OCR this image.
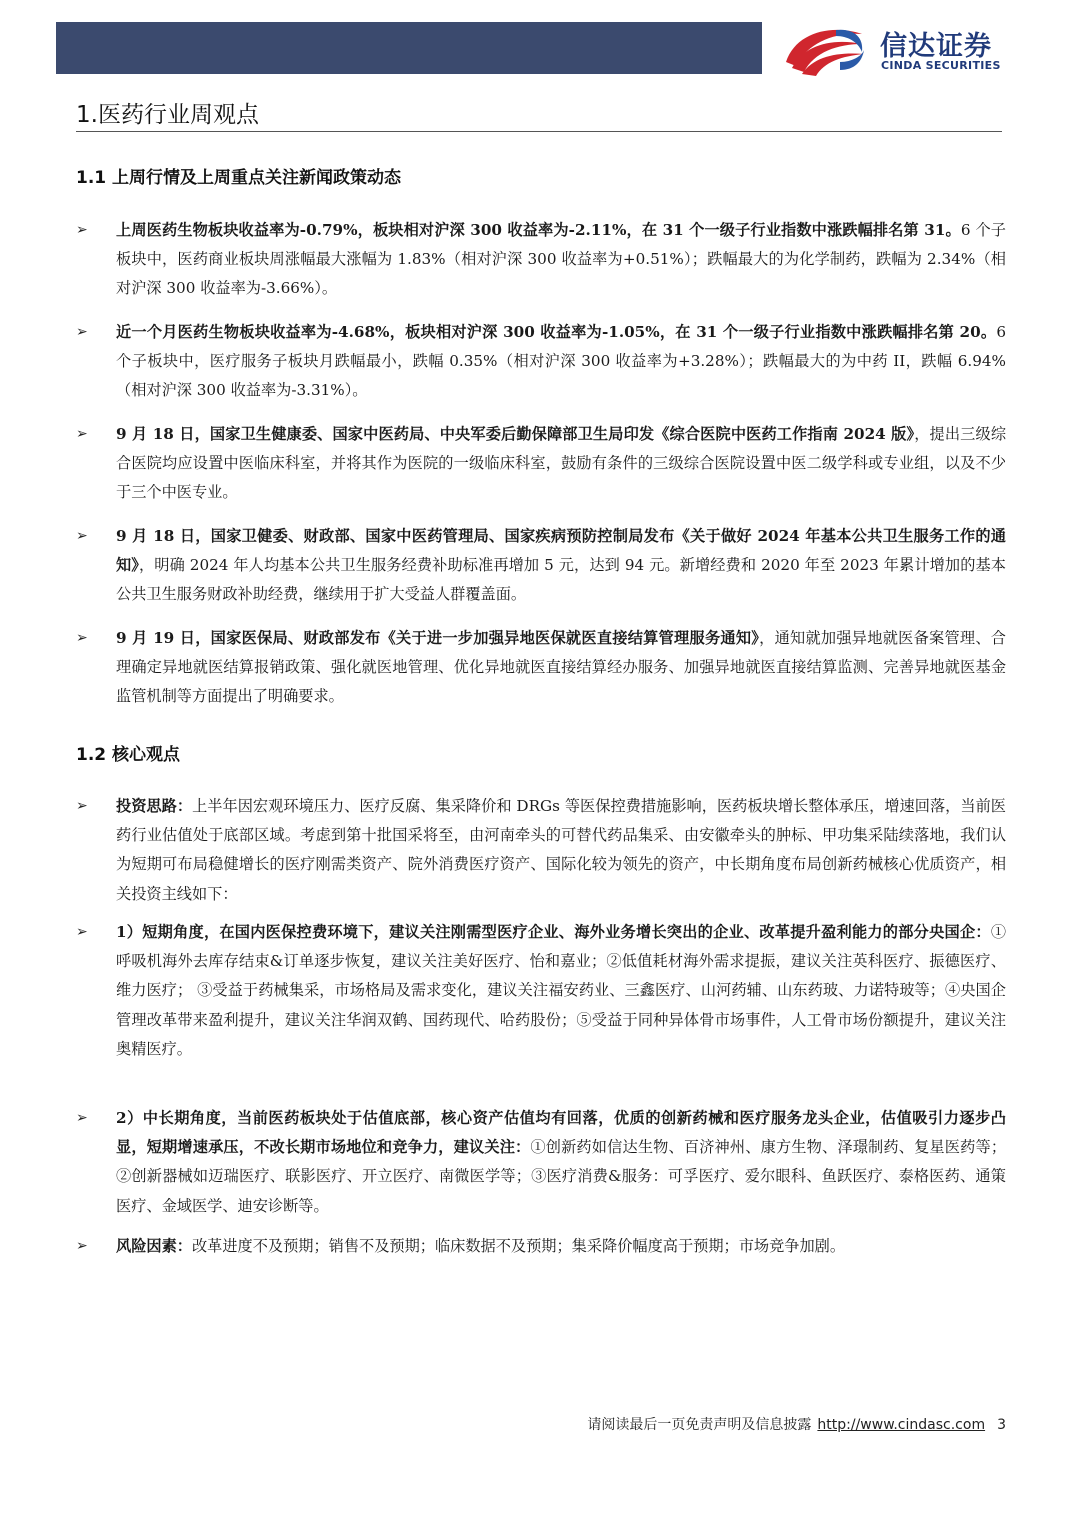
信达证券
CINDA SECURITIES
1.医药行业周观点
1.1 上周行情及上周重点关注新闻政策动态
➢ 上周医药生物板块收益率为-0.79%，板块相对沪深 300 收益率为-2.11%，在 31 个一级子行业指数中涨跌幅排名第 31。6 个子板块中，医药商业板块周涨幅最大涨幅为 1.83%（相对沪深 300 收益率为+0.51%）；跌幅最大的为化学制药，跌幅为 2.34%（相对沪深 300 收益率为-3.66%）。
➢ 近一个月医药生物板块收益率为-4.68%，板块相对沪深 300 收益率为-1.05%，在 31 个一级子行业指数中涨跌幅排名第 20。6 个子板块中，医疗服务子板块月跌幅最小，跌幅 0.35%（相对沪深 300 收益率为+3.28%）；跌幅最大的为中药 II，跌幅 6.94%（相对沪深 300 收益率为-3.31%）。
➢ 9 月 18 日，国家卫生健康委、国家中医药局、中央军委后勤保障部卫生局印发《综合医院中医药工作指南 2024 版》，提出三级综合医院均应设置中医临床科室，并将其作为医院的一级临床科室，鼓励有条件的三级综合医院设置中医二级学科或专业组，以及不少于三个中医专业。
➢ 9 月 18 日，国家卫健委、财政部、国家中医药管理局、国家疾病预防控制局发布《关于做好 2024 年基本公共卫生服务工作的通知》，明确 2024 年人均基本公共卫生服务经费补助标准再增加 5 元，达到 94 元。新增经费和 2020 年至 2023 年累计增加的基本公共卫生服务财政补助经费，继续用于扩大受益人群覆盖面。
➢ 9 月 19 日，国家医保局、财政部发布《关于进一步加强异地医保就医直接结算管理服务通知》，通知就加强异地就医备案管理、合理确定异地就医结算报销政策、强化就医地管理、优化异地就医直接结算经办服务、加强异地就医直接结算监测、完善异地就医基金监管机制等方面提出了明确要求。
1.2 核心观点
➢ 投资思路：上半年因宏观环境压力、医疗反腐、集采降价和 DRGs 等医保控费措施影响，医药板块增长整体承压，增速回落，当前医药行业估值处于底部区域。考虑到第十批国采将至，由河南牵头的可替代药品集采、由安徽牵头的肿标、甲功集采陆续落地，我们认为短期可布局稳健增长的医疗刚需类资产、院外消费医疗资产、国际化较为领先的资产，中长期角度布局创新药械核心优质资产，相关投资主线如下：
➢ 1）短期角度，在国内医保控费环境下，建议关注刚需型医疗企业、海外业务增长突出的企业、改革提升盈利能力的部分央国企：①呼吸机海外去库存结束&订单逐步恢复，建议关注美好医疗、怡和嘉业；②低值耗材海外需求提振，建议关注英科医疗、振德医疗、维力医疗； ③受益于药械集采，市场格局及需求变化，建议关注福安药业、三鑫医疗、山河药辅、山东药玻、力诺特玻等；④央国企管理改革带来盈利提升，建议关注华润双鹤、国药现代、哈药股份；⑤受益于同种异体骨市场事件，人工骨市场份额提升，建议关注奥精医疗。
➢ 2）中长期角度，当前医药板块处于估值底部，核心资产估值均有回落，优质的创新药械和医疗服务龙头企业，估值吸引力逐步凸显，短期增速承压，不改长期市场地位和竞争力，建议关注：①创新药如信达生物、百济神州、康方生物、泽璟制药、复星医药等；②创新器械如迈瑞医疗、联影医疗、开立医疗、南微医学等；③医疗消费&服务：可孚医疗、爱尔眼科、鱼跃医疗、泰格医药、通策医疗、金域医学、迪安诊断等。
➢ 风险因素：改革进度不及预期；销售不及预期；临床数据不及预期；集采降价幅度高于预期；市场竞争加剧。
请阅读最后一页免责声明及信息披露 http://www.cindasc.com 3
